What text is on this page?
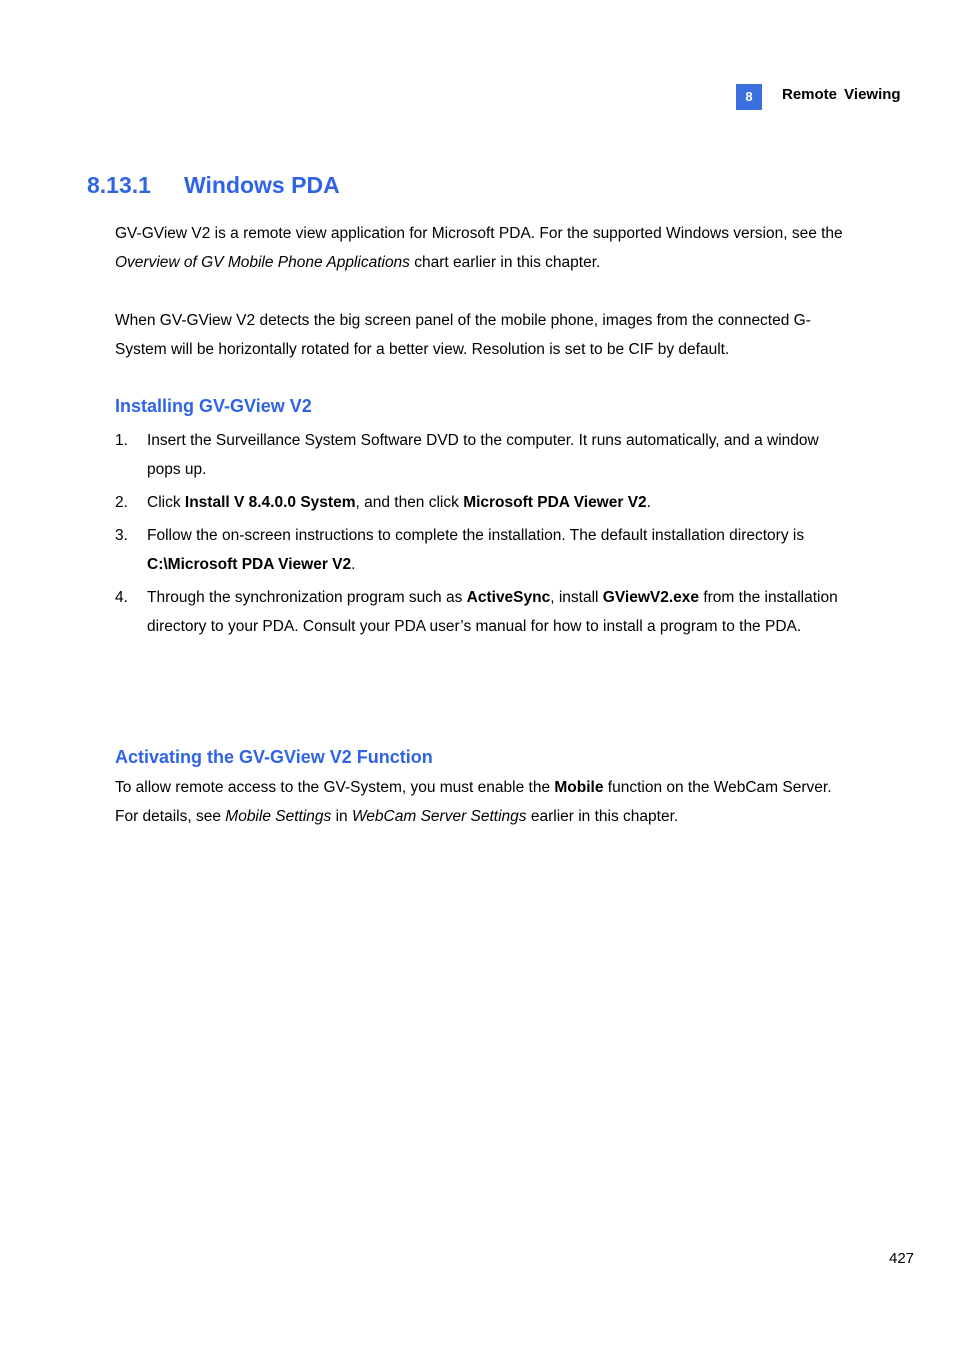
8	Remote Viewing
8.13.1 Windows PDA

GV-GView V2 is a remote view application for Microsoft PDA. For the supported Windows version, see the Overview of GV Mobile Phone Applications chart earlier in this chapter.

When GV-GView V2 detects the big screen panel of the mobile phone, images from the connected G-System will be horizontally rotated for a better view. Resolution is set to be CIF by default.

Installing GV-GView V2
1.	Insert the Surveillance System Software DVD to the computer. It runs automatically, and a window pops up.
2.	Click Install V 8.4.0.0 System, and then click Microsoft PDA Viewer V2.
3.	Follow the on-screen instructions to complete the installation. The default installation directory is C:\Microsoft PDA Viewer V2.
4.	Through the synchronization program such as ActiveSync, install GViewV2.exe from the installation directory to your PDA. Consult your PDA user’s manual for how to install a program to the PDA.
Activating the GV-GView V2 Function

To allow remote access to the GV-System, you must enable the Mobile function on the WebCam Server. For details, see Mobile Settings in WebCam Server Settings earlier in this chapter.

427
